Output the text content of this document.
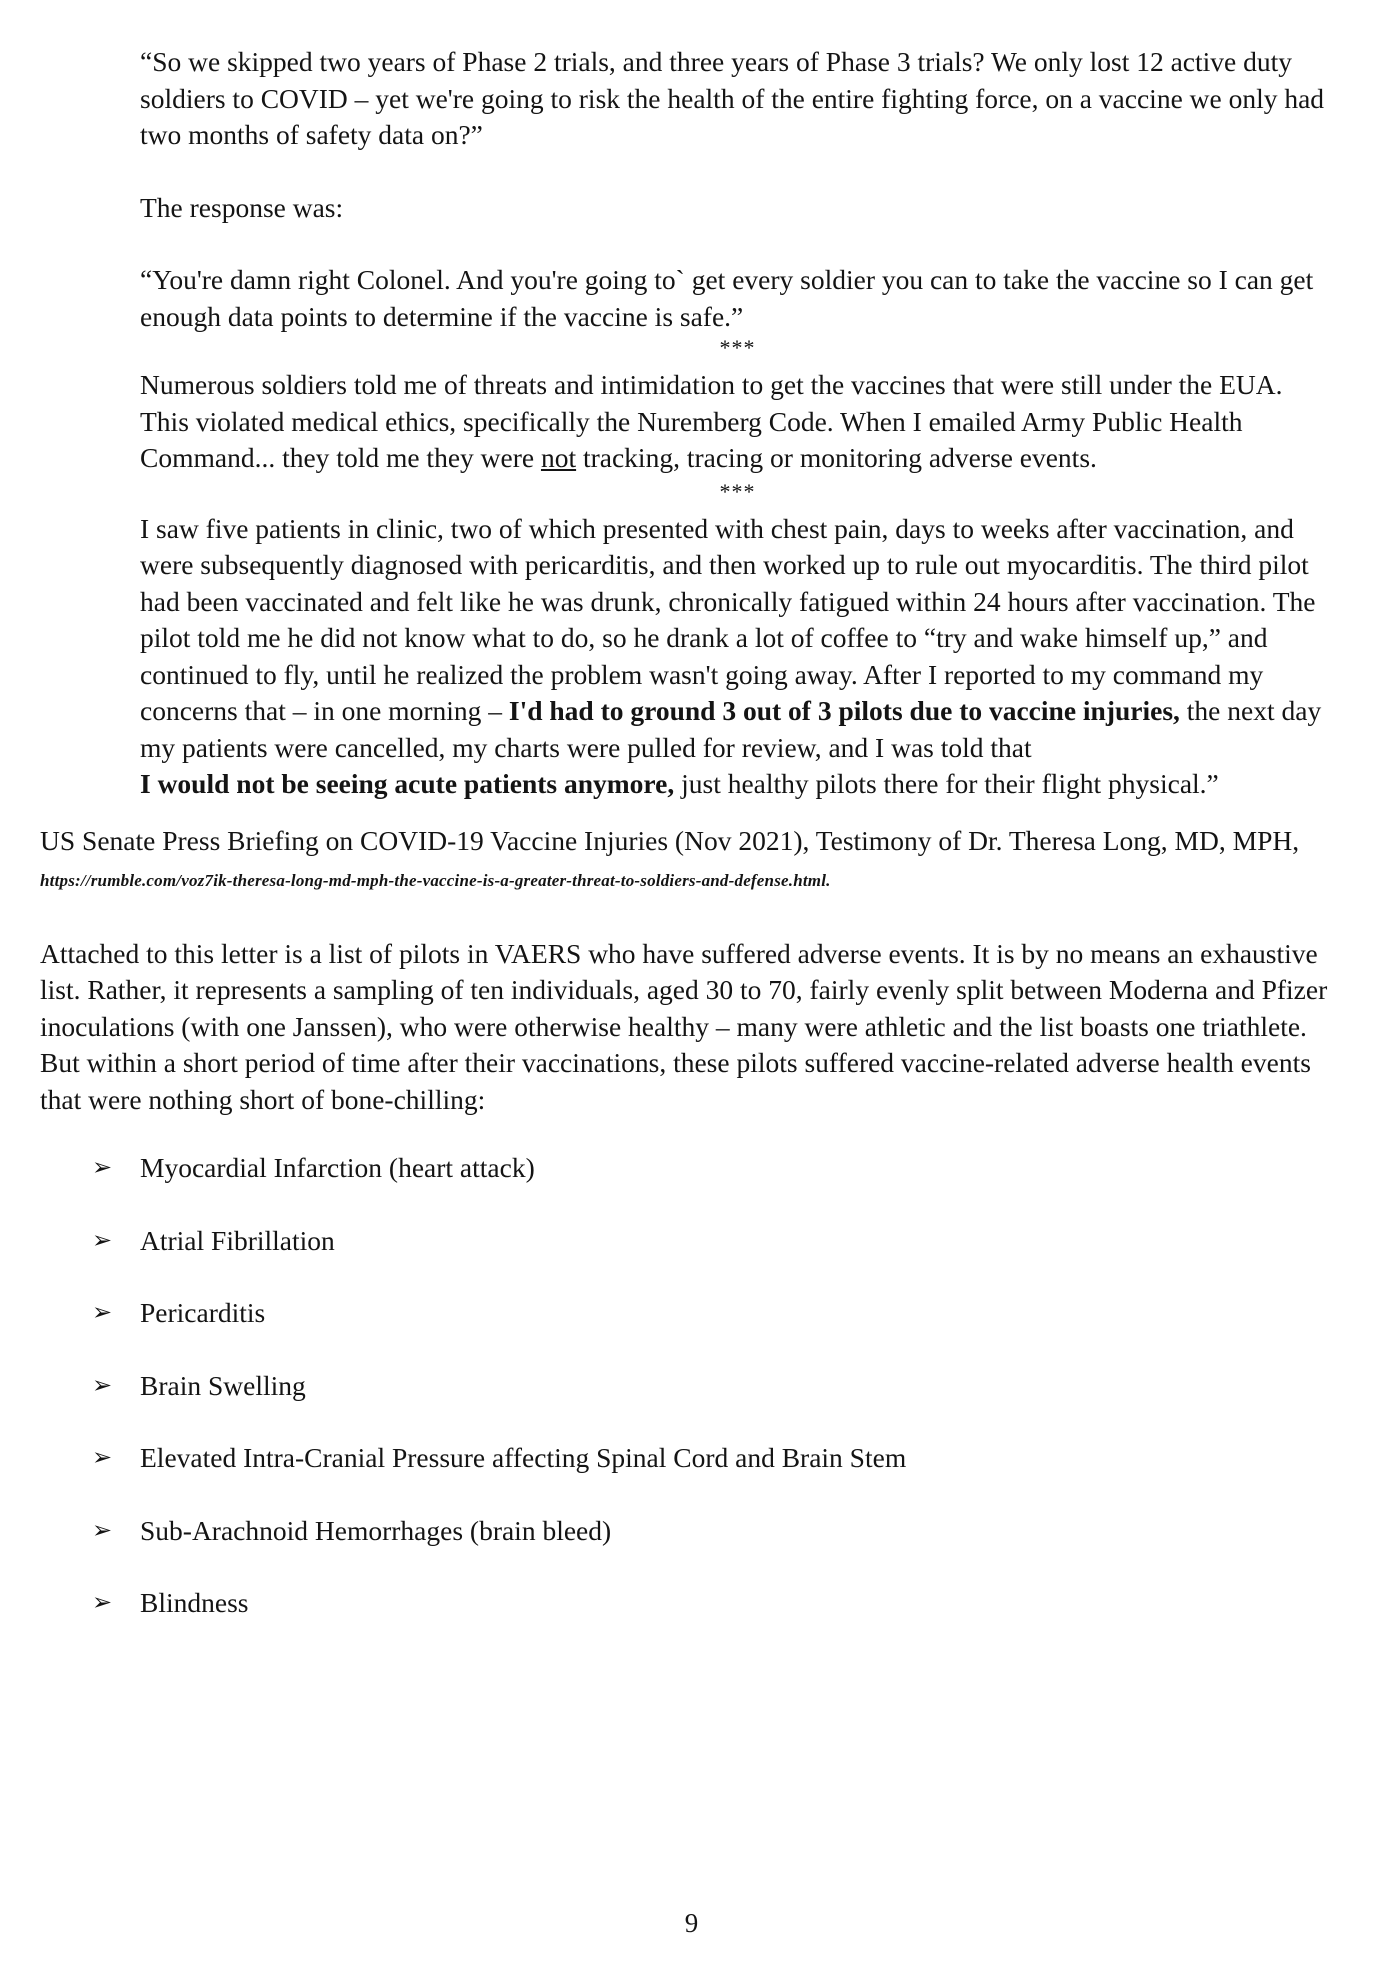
“So we skipped two years of Phase 2 trials, and three years of Phase 3 trials? We only lost 12 active duty soldiers to COVID – yet we're going to risk the health of the entire fighting force, on a vaccine we only had two months of safety data on?”

The response was:

“You're damn right Colonel. And you're going to` get every soldier you can to take the vaccine so I can get enough data points to determine if the vaccine is safe.”

***

Numerous soldiers told me of threats and intimidation to get the vaccines that were still under the EUA. This violated medical ethics, specifically the Nuremberg Code. When I emailed Army Public Health Command... they told me they were not tracking, tracing or monitoring adverse events.

***

I saw five patients in clinic, two of which presented with chest pain, days to weeks after vaccination, and were subsequently diagnosed with pericarditis, and then worked up to rule out myocarditis. The third pilot had been vaccinated and felt like he was drunk, chronically fatigued within 24 hours after vaccination. The pilot told me he did not know what to do, so he drank a lot of coffee to “try and wake himself up,” and continued to fly, until he realized the problem wasn't going away. After I reported to my command my concerns that – in one morning – I'd had to ground 3 out of 3 pilots due to vaccine injuries, the next day my patients were cancelled, my charts were pulled for review, and I was told that
I would not be seeing acute patients anymore, just healthy pilots there for their flight physical.”

US Senate Press Briefing on COVID-19 Vaccine Injuries (Nov 2021), Testimony of Dr. Theresa Long, MD, MPH, https://rumble.com/voz7ik-theresa-long-md-mph-the-vaccine-is-a-greater-threat-to-soldiers-and-defense.html.

Attached to this letter is a list of pilots in VAERS who have suffered adverse events. It is by no means an exhaustive list. Rather, it represents a sampling of ten individuals, aged 30 to 70, fairly evenly split between Moderna and Pfizer inoculations (with one Janssen), who were otherwise healthy – many were athletic and the list boasts one triathlete. But within a short period of time after their vaccinations, these pilots suffered vaccine-related adverse health events that were nothing short of bone-chilling:

➢	Myocardial Infarction (heart attack)
➢	Atrial Fibrillation
➢	Pericarditis
➢	Brain Swelling
➢	Elevated Intra-Cranial Pressure affecting Spinal Cord and Brain Stem
➢	Sub-Arachnoid Hemorrhages (brain bleed)
➢	Blindness
9
